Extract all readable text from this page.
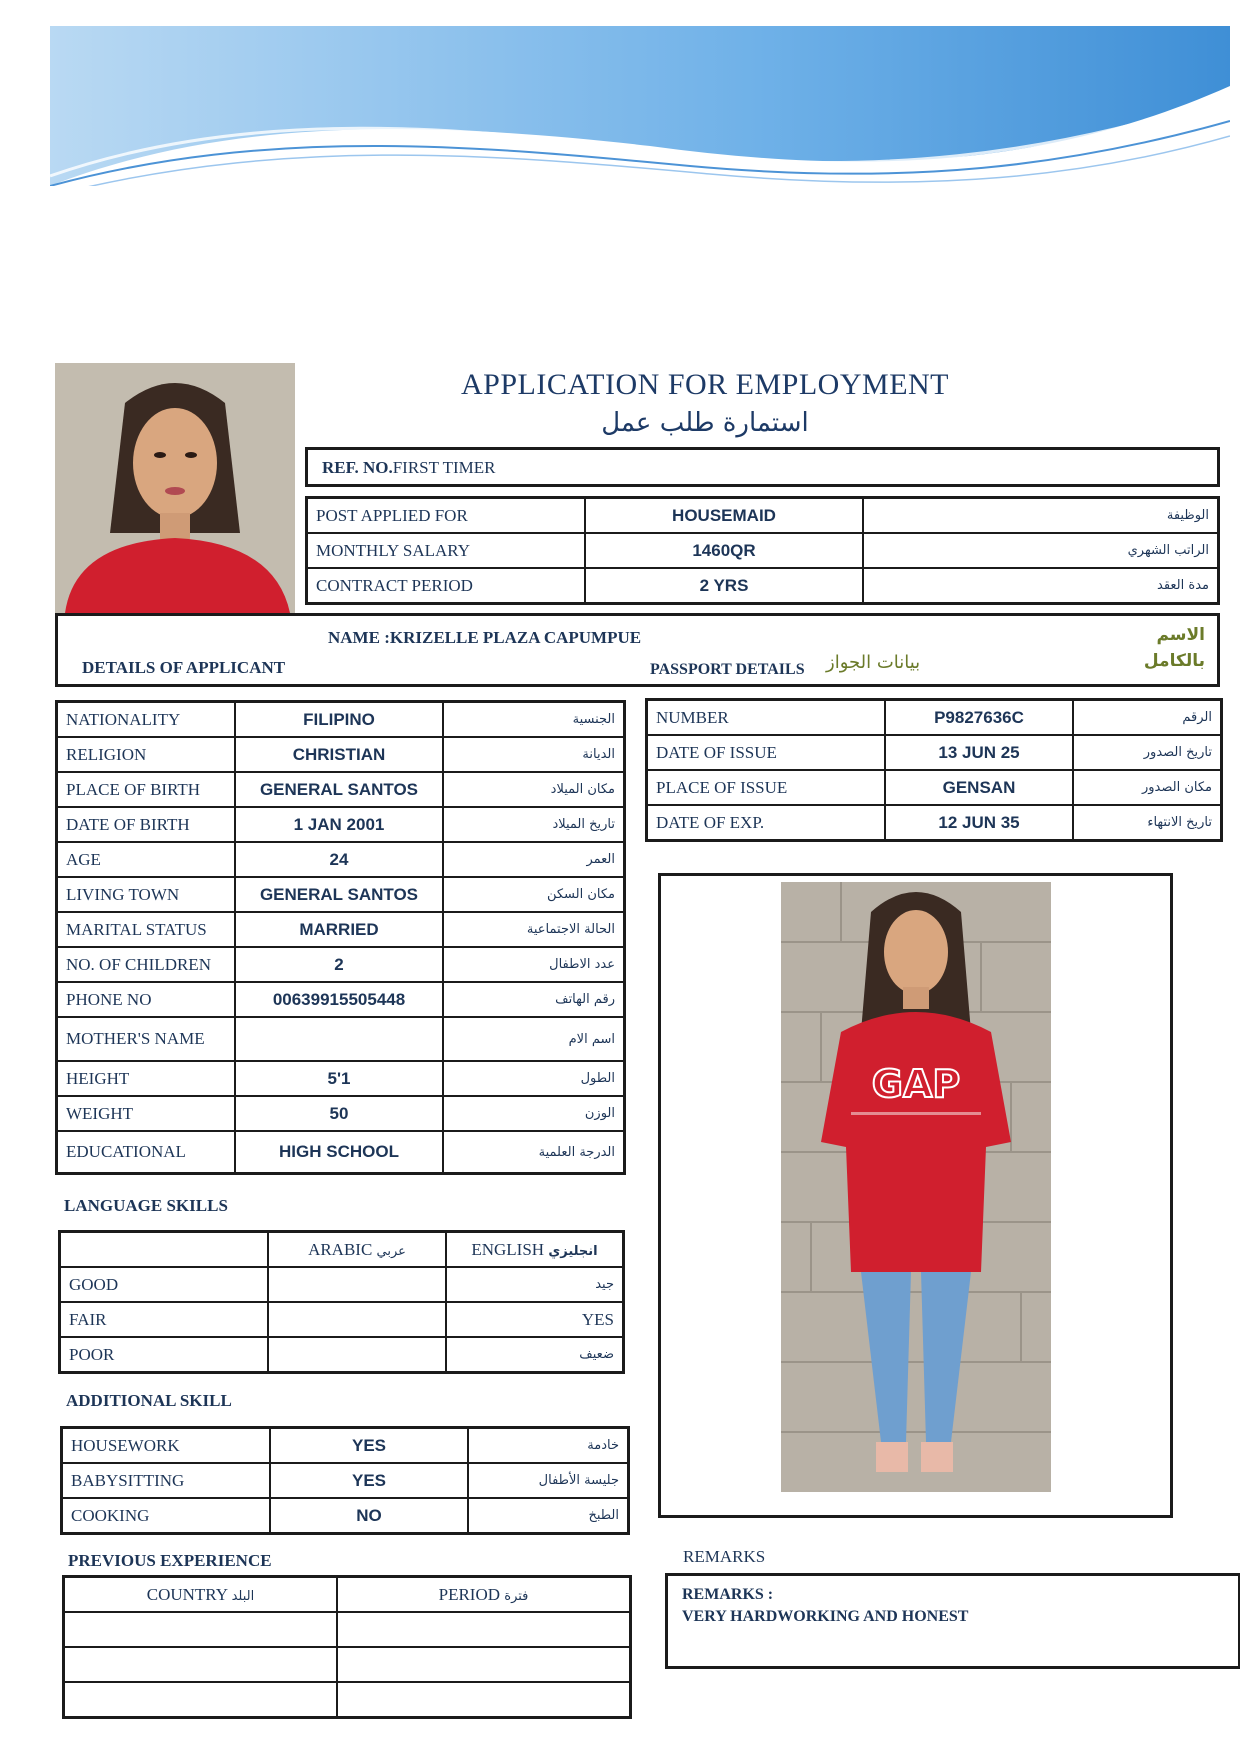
APPLICATION FOR EMPLOYMENT
استمارة طلب عمل
REF. NO.FIRST TIMER
POST APPLIED FOR	HOUSEMAID	الوظيفة
MONTHLY SALARY	1460QR	الراتب الشهري
CONTRACT PERIOD	2 YRS	مدة العقد
NAME :KRIZELLE PLAZA CAPUMPUE
DETAILS OF APPLICANT	PASSPORT DETAILS بيانات الجواز
الاسم بالكامل
NATIONALITY	FILIPINO	الجنسية
RELIGION	CHRISTIAN	الديانة
PLACE OF BIRTH	GENERAL SANTOS	مكان الميلاد
DATE OF BIRTH	1 JAN 2001	تاريخ الميلاد
AGE	24	العمر
LIVING TOWN	GENERAL SANTOS	مكان السكن
MARITAL STATUS	MARRIED	الحالة الاجتماعية
NO. OF CHILDREN	2	عدد الاطفال
PHONE NO	00639915505448	رقم الهاتف
MOTHER'S NAME		اسم الام
HEIGHT	5'1	الطول
WEIGHT	50	الوزن
EDUCATIONAL	HIGH SCHOOL	الدرجة العلمية
NUMBER	P9827636C	الرقم
DATE OF ISSUE	13 JUN 25	تاريخ الصدور
PLACE OF ISSUE	GENSAN	مكان الصدور
DATE OF EXP.	12 JUN 35	تاريخ الانتهاء
GAP
LANGUAGE SKILLS
	ARABIC عربي	ENGLISH انجليزي
GOOD		جيد
FAIR		YES
POOR		ضعيف
ADDITIONAL SKILL
HOUSEWORK	YES	خادمة
BABYSITTING	YES	جليسة الأطفال
COOKING	NO	الطبخ
PREVIOUS EXPERIENCE
COUNTRY البلد	PERIOD فترة

REMARKS
REMARKS :
VERY HARDWORKING AND HONEST
